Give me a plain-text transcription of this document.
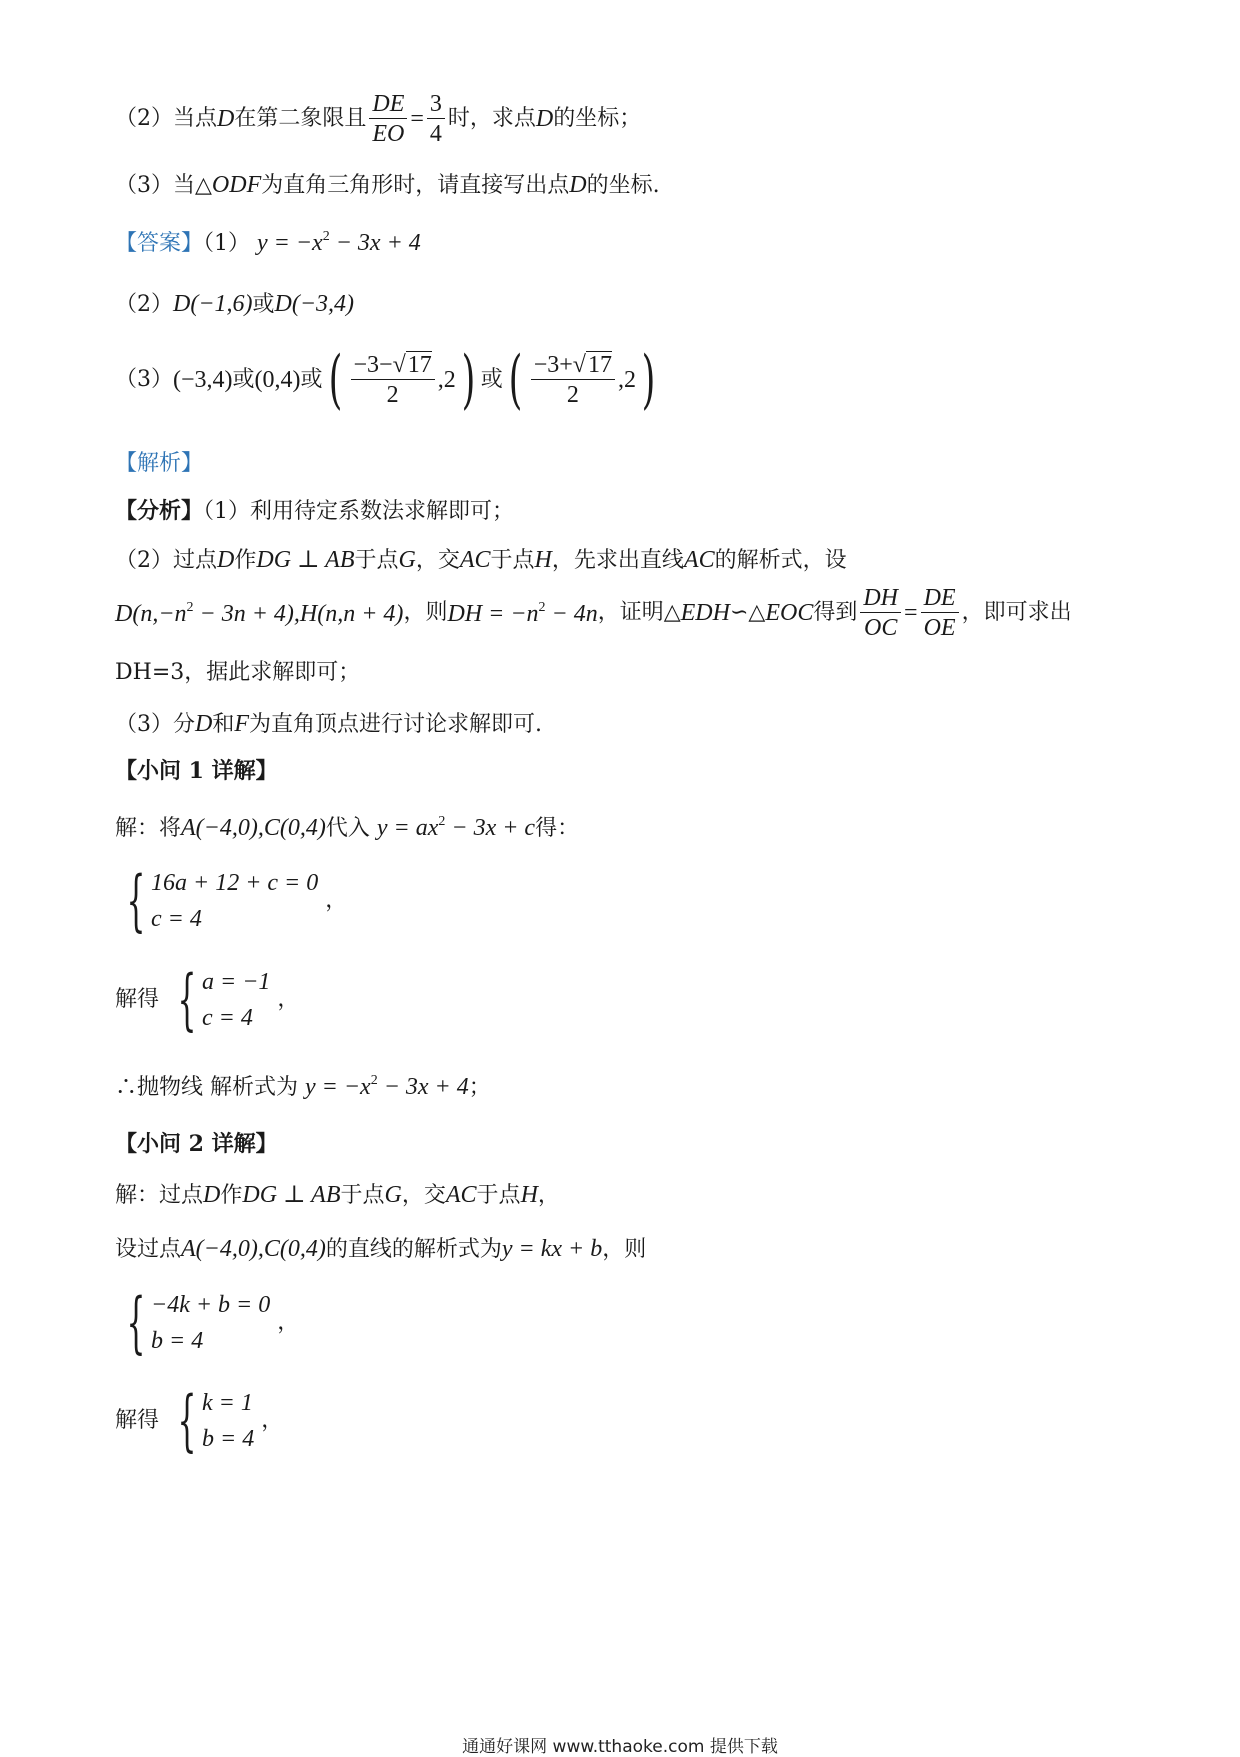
（2）当点 D 在第二象限且 $\frac{DE}{EO} = \frac{3}{4}$ 时，求点 D 的坐标；
（3）当△ODF为直角三角形时，请直接写出点D的坐标.
【答案】（1） $y = -x^2 - 3x + 4$
（2）D(−1,6)或D(−3,4)
（3） (−3,4) 或 (0,4) 或 ( $\frac{-3-√17}{2} ,2$ ) 或 ( $\frac{-3+√17}{2} ,2$ )
【解析】
【分析】（1）利用待定系数法求解即可；
（2）过点D作DG ⊥ AB于点G，交AC于点H，先求出直线AC的解析式，设
$D(n,-n^2 - 3n + 4),H(n,n + 4)$ ，则 DH = $-n^2 - 4n$ ，证明△ EDH ∽△ EOC 得到 $\frac{DH}{OC} = \frac{DE}{OE}$ ，即可求出
DH=3，据此求解即可；
（3）分D和F为直角顶点进行讨论求解即可.
【小问 1 详解】
解：将A(−4,0),C(0,4)代入 $y = ax^2 - 3x + c$得：
{ 16a + 12 + c = 0
c = 4
，
解得 { a = −1
c = 4
，
∴抛物线 解析式为 $y = -x^2 - 3x + 4$；
【小问 2 详解】
解：过点D作DG ⊥ AB于点G，交AC于点H，
设过点A(−4,0),C(0,4)的直线的解析式为y = kx + b，则
{ −4k + b = 0
b = 4
，
解得 { k = 1
b = 4
，
通通好课网 www.tthaoke.com 提供下载
